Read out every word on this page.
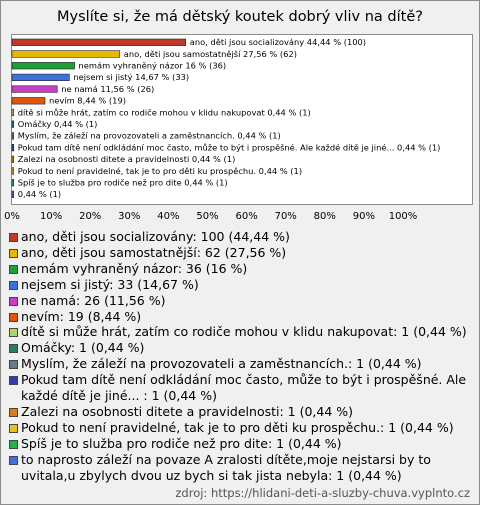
Myslíte si, že má dětský koutek dobrý vliv na dítě?
ano, děti jsou socializovány 44,44 % (100)
ano, děti jsou samostatnější 27,56 % (62)
nemám vyhraněný názor 16 % (36)
nejsem si jistý 14,67 % (33)
ne namá 11,56 % (26)
nevím 8,44 % (19)
dítě si může hrát, zatím co rodiče mohou v klidu nakupovat 0,44 % (1)
Omáčky 0,44 % (1)
Myslím, že záleží na provozovateli a zaměstnancích. 0,44 % (1)
Pokud tam dítě není odkládání moc často, může to být i prospěšné. Ale každé dítě je jiné... 0,44 % (1)
Zalezi na osobnosti ditete a pravidelnosti 0,44 % (1)
Pokud to není pravidelné, tak je to pro děti ku prospěchu. 0,44 % (1)
Spíš je to služba pro rodiče než pro dite 0,44 % (1)
0,44 % (1)
0% 10% 20% 30% 40% 50% 60% 70% 80% 90% 100%
ano, děti jsou socializovány: 100 (44,44 %)
ano, děti jsou samostatnější: 62 (27,56 %)
nemám vyhraněný názor: 36 (16 %)
nejsem si jistý: 33 (14,67 %)
ne namá: 26 (11,56 %)
nevím: 19 (8,44 %)
dítě si může hrát, zatím co rodiče mohou v klidu nakupovat: 1 (0,44 %)
Omáčky: 1 (0,44 %)
Myslím, že záleží na provozovateli a zaměstnancích.: 1 (0,44 %)
Pokud tam dítě není odkládání moc často, může to být i prospěšné. Ale každé dítě je jiné... : 1 (0,44 %)
Zalezi na osobnosti ditete a pravidelnosti: 1 (0,44 %)
Pokud to není pravidelné, tak je to pro děti ku prospěchu.: 1 (0,44 %)
Spíš je to služba pro rodiče než pro dite: 1 (0,44 %)
to naprosto záleží na povaze A zralosti dítěte,moje nejstarsi by to uvitala,u zbylych dvou uz bych si tak jista nebyla: 1 (0,44 %)
zdroj: https://hlidani-deti-a-sluzby-chuva.vyplnto.cz
